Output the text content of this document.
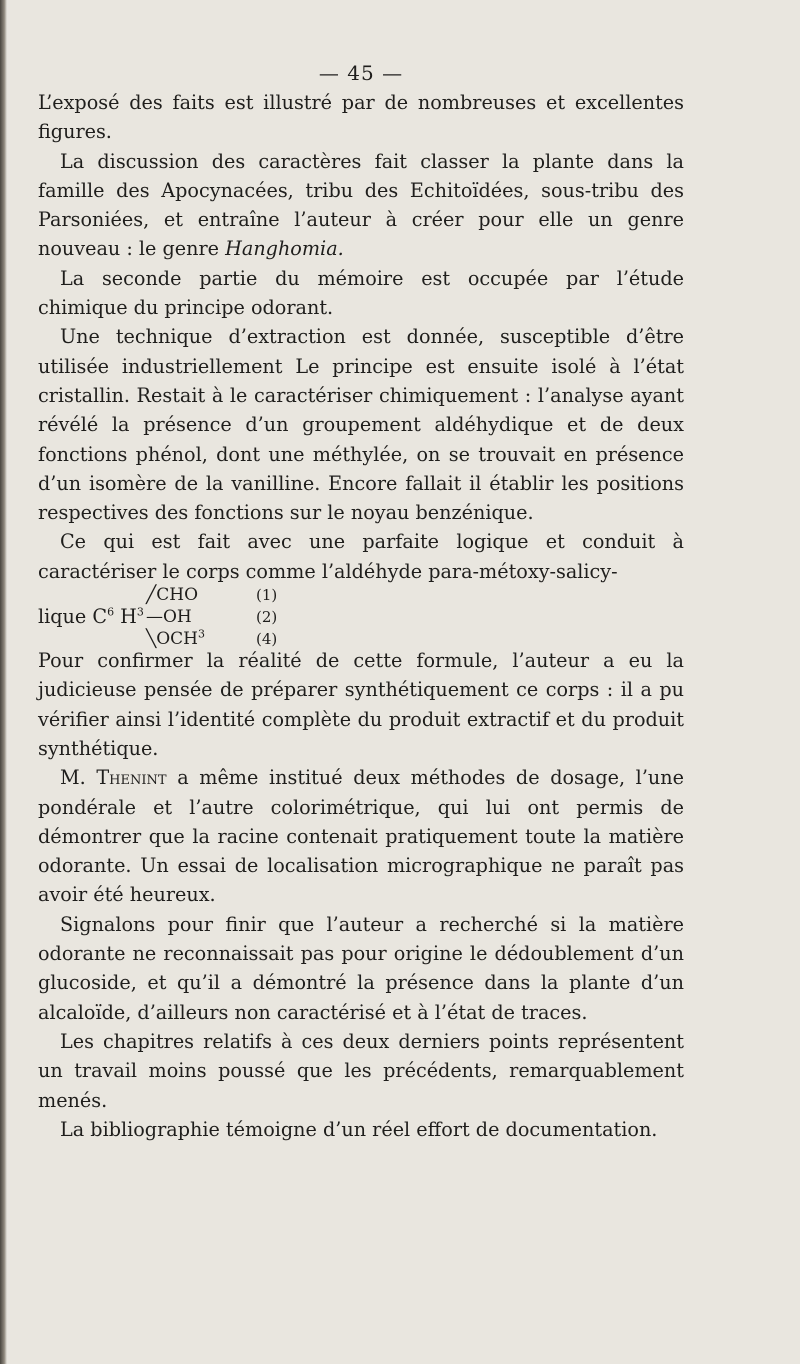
— 45 —

L’exposé des faits est illustré par de nombreuses et excellentes figures.

La discussion des caractères fait classer la plante dans la famille des Apocynacées, tribu des Echitoïdées, sous-tribu des Parsoniées, et entraîne l’auteur à créer pour elle un genre nouveau : le genre Hanghomia.

La seconde partie du mémoire est occupée par l’étude chimique du principe odorant.

Une technique d’extraction est donnée, susceptible d’être utilisée industriellement Le principe est ensuite isolé à l’état cristallin. Restait à le caractériser chimiquement : l’analyse ayant révélé la présence d’un groupement aldéhydique et de deux fonctions phénol, dont une méthylée, on se trouvait en présence d’un isomère de la vanilline. Encore fallait il établir les positions respectives des fonctions sur le noyau benzénique.

Ce qui est fait avec une parfaite logique et conduit à caractériser le corps comme l’aldéhyde para-métoxy-salicy-

lique $C^6$ $H^3$
╱CHO
—OH
╲OCH$^3$
(1)
(2)
(4)

Pour confirmer la réalité de cette formule, l’auteur a eu la judicieuse pensée de préparer synthétiquement ce corps : il a pu vérifier ainsi l’identité complète du produit extractif et du produit synthétique.

M. Thenint a même institué deux méthodes de dosage, l’une pondérale et l’autre colorimétrique, qui lui ont permis de démontrer que la racine contenait pratiquement toute la matière odorante. Un essai de localisation micrographique ne paraît pas avoir été heureux.

Signalons pour finir que l’auteur a recherché si la matière odorante ne reconnaissait pas pour origine le dédoublement d’un glucoside, et qu’il a démontré la présence dans la plante d’un alcaloïde, d’ailleurs non caractérisé et à l’état de traces.

Les chapitres relatifs à ces deux derniers points représentent un travail moins poussé que les précédents, remarquablement menés.

La bibliographie témoigne d’un réel effort de documentation.
